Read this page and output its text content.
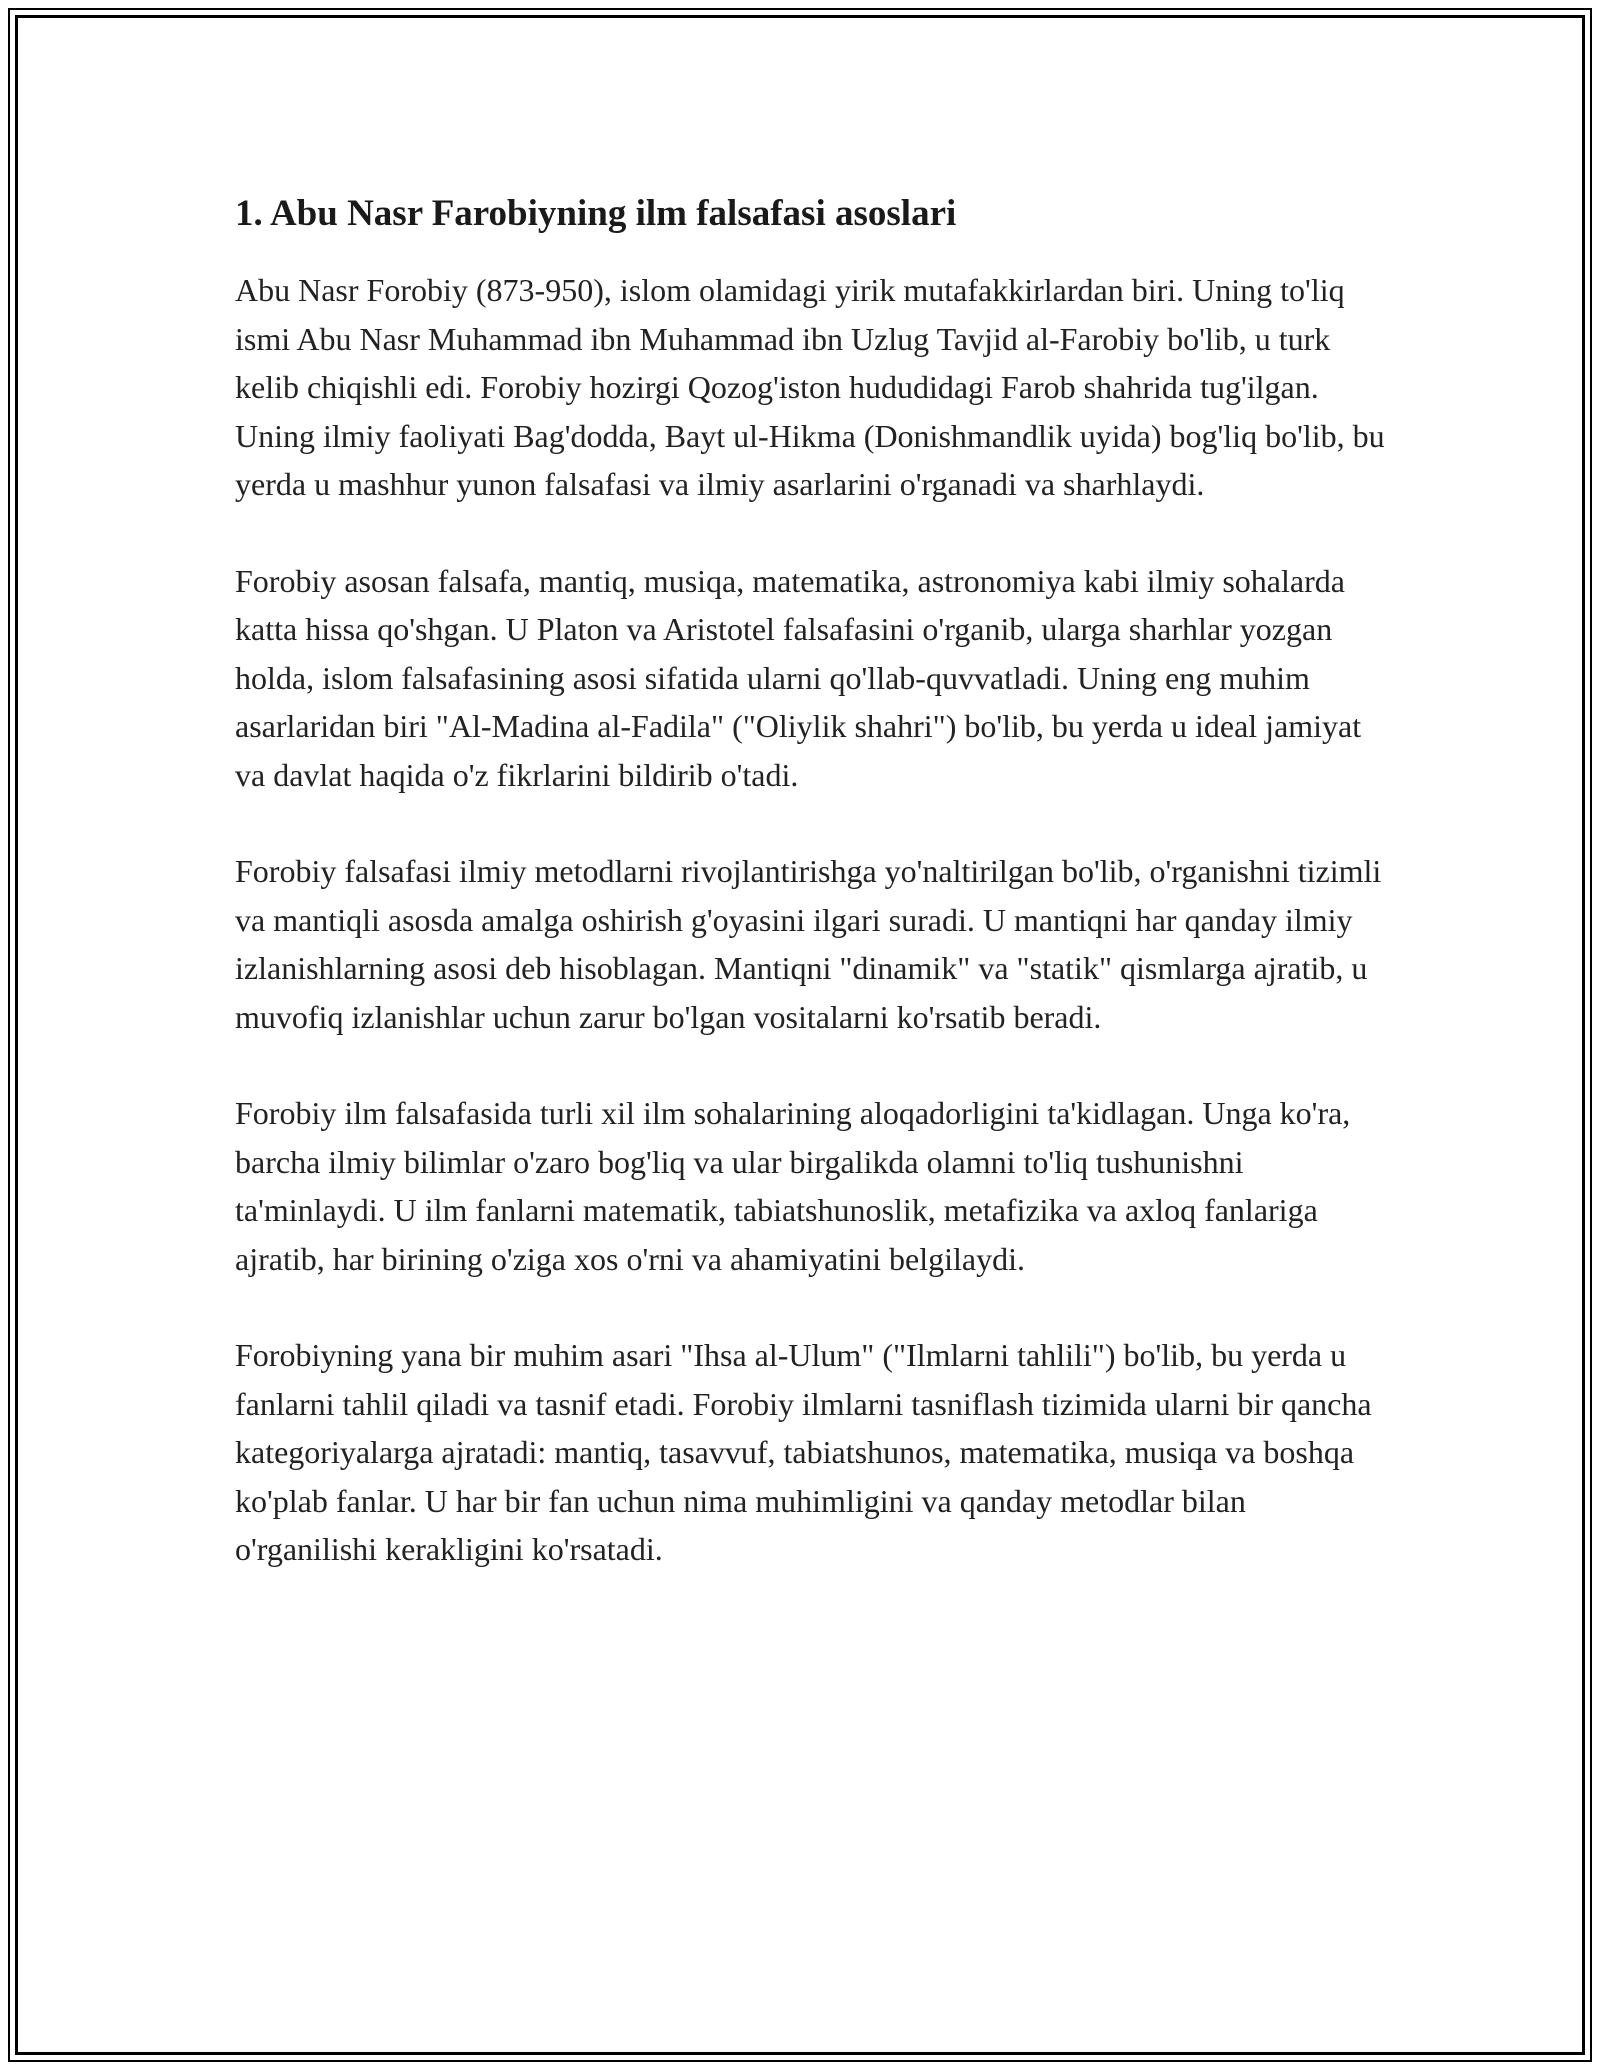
1. Abu Nasr Farobiyning ilm falsafasi asoslari

Abu Nasr Forobiy (873-950), islom olamidagi yirik mutafakkirlardan biri. Uning to'liq ismi Abu Nasr Muhammad ibn Muhammad ibn Uzlug Tavjid al-Farobiy bo'lib, u turk kelib chiqishli edi. Forobiy hozirgi Qozog'iston hududidagi Farob shahrida tug'ilgan. Uning ilmiy faoliyati Bag'dodda, Bayt ul-Hikma (Donishmandlik uyida) bog'liq bo'lib, bu yerda u mashhur yunon falsafasi va ilmiy asarlarini o'rganadi va sharhlaydi.

Forobiy asosan falsafa, mantiq, musiqa, matematika, astronomiya kabi ilmiy sohalarda katta hissa qo'shgan. U Platon va Aristotel falsafasini o'rganib, ularga sharhlar yozgan holda, islom falsafasining asosi sifatida ularni qo'llab-quvvatladi. Uning eng muhim asarlaridan biri "Al-Madina al-Fadila" ("Oliylik shahri") bo'lib, bu yerda u ideal jamiyat va davlat haqida o'z fikrlarini bildirib o'tadi.

Forobiy falsafasi ilmiy metodlarni rivojlantirishga yo'naltirilgan bo'lib, o'rganishni tizimli va mantiqli asosda amalga oshirish g'oyasini ilgari suradi. U mantiqni har qanday ilmiy izlanishlarning asosi deb hisoblagan. Mantiqni "dinamik" va "statik" qismlarga ajratib, u muvofiq izlanishlar uchun zarur bo'lgan vositalarni ko'rsatib beradi.

Forobiy ilm falsafasida turli xil ilm sohalarining aloqadorligini ta'kidlagan. Unga ko'ra, barcha ilmiy bilimlar o'zaro bog'liq va ular birgalikda olamni to'liq tushunishni ta'minlaydi. U ilm fanlarni matematik, tabiatshunoslik, metafizika va axloq fanlariga ajratib, har birining o'ziga xos o'rni va ahamiyatini belgilaydi.

Forobiyning yana bir muhim asari "Ihsa al-Ulum" ("Ilmlarni tahlili") bo'lib, bu yerda u fanlarni tahlil qiladi va tasnif etadi. Forobiy ilmlarni tasniflash tizimida ularni bir qancha kategoriyalarga ajratadi: mantiq, tasavvuf, tabiatshunos, matematika, musiqa va boshqa ko'plab fanlar. U har bir fan uchun nima muhimligini va qanday metodlar bilan o'rganilishi kerakligini ko'rsatadi.
